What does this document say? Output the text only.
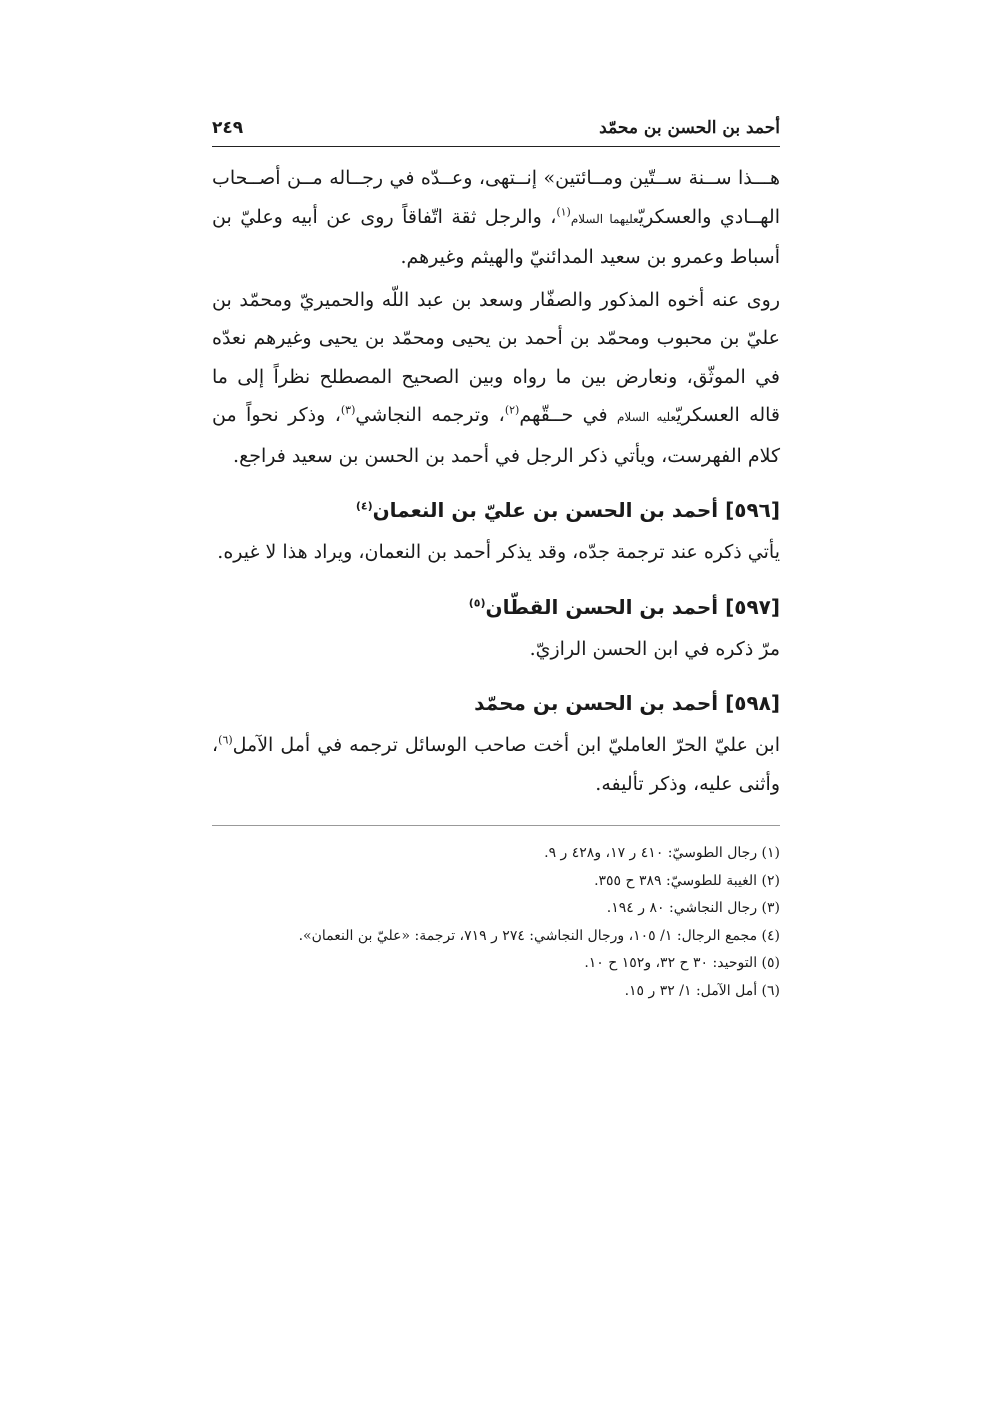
أحمد بن الحسن بن محمّد
٢٤٩

هـــذا ســنة ســتّين ومــائتين» إنــتهى، وعــدّه في رجــاله مــن أصــحاب الهــادي والعسكريّعليهما السلام$^{(١)}$، والرجل ثقة اتّفاقاً روى عن أبيه وعليّ بن أسباط وعمرو بن سعيد المدائنيّ والهيثم وغيرهم.

روى عنه أخوه المذكور والصفّار وسعد بن عبد اللّه والحميريّ ومحمّد بن عليّ بن محبوب ومحمّد بن أحمد بن يحيى ومحمّد بن يحيى وغيرهم نعدّه في الموثّق، ونعارض بين ما رواه وبين الصحيح المصطلح نظراً إلى ما قاله العسكريّعليه السلام في حــقّهم$^{(٢)}$، وترجمه النجاشي$^{(٣)}$، وذكر نحواً من كلام الفهرست، ويأتي ذكر الرجل في أحمد بن الحسن بن سعيد فراجع.

[٥٩٦] أحمد بن الحسن بن عليّ بن النعمان$^{(٤)}$

يأتي ذكره عند ترجمة جدّه، وقد يذكر أحمد بن النعمان، ويراد هذا لا غيره.

[٥٩٧] أحمد بن الحسن القطّان$^{(٥)}$

مرّ ذكره في ابن الحسن الرازيّ.

[٥٩٨] أحمد بن الحسن بن محمّد

ابن عليّ الحرّ العامليّ ابن أخت صاحب الوسائل ترجمه في أمل الآمل$^{(٦)}$، وأثنى عليه، وذكر تأليفه.

(١) رجال الطوسيّ: ٤١٠ ر ١٧، و٤٢٨ ر ٩.

(٢) الغيبة للطوسيّ: ٣٨٩ ح ٣٥٥.

(٣) رجال النجاشي: ٨٠ ر ١٩٤.

(٤) مجمع الرجال: ١/ ١٠٥، ورجال النجاشي: ٢٧٤ ر ٧١٩، ترجمة: «عليّ بن النعمان».

(٥) التوحيد: ٣٠ ح ٣٢، و١٥٢ ح ١٠.

(٦) أمل الآمل: ١/ ٣٢ ر ١٥.
